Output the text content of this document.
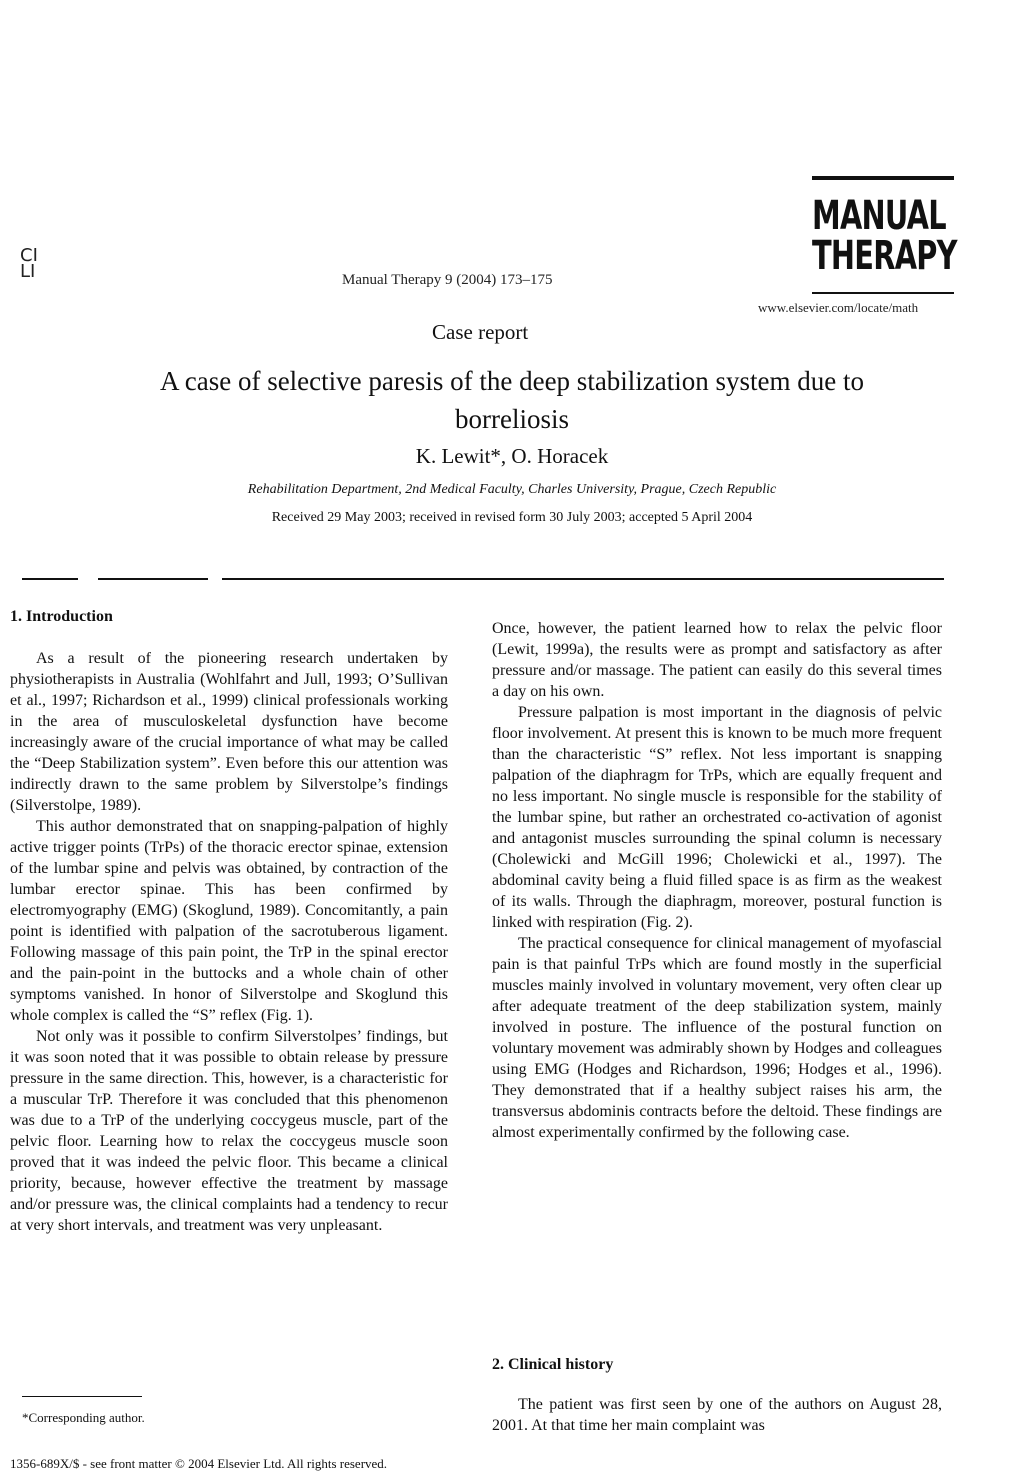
CI
LI	Manual Therapy 9 (2004) 173–175
MANUAL
THERAPY
www.elsevier.com/locate/math
Case report
A case of selective paresis of the deep stabilization system due to borreliosis
K. Lewit*, O. Horacek
Rehabilitation Department, 2nd Medical Faculty, Charles University, Prague, Czech Republic
Received 29 May 2003; received in revised form 30 July 2003; accepted 5 April 2004
1. Introduction

As a result of the pioneering research undertaken by physiotherapists in Australia (Wohlfahrt and Jull, 1993; O’Sullivan et al., 1997; Richardson et al., 1999) clinical professionals working in the area of musculoskeletal dysfunction have become increasingly aware of the crucial importance of what may be called the “Deep Stabilization system”. Even before this our attention was indirectly drawn to the same problem by Silverstolpe’s findings (Silverstolpe, 1989).

This author demonstrated that on snapping-palpation of highly active trigger points (TrPs) of the thoracic erector spinae, extension of the lumbar spine and pelvis was obtained, by contraction of the lumbar erector spinae. This has been confirmed by electromyography (EMG) (Skoglund, 1989). Concomitantly, a pain point is identified with palpation of the sacrotuberous ligament. Following massage of this pain point, the TrP in the spinal erector and the pain-point in the buttocks and a whole chain of other symptoms vanished. In honor of Silverstolpe and Skoglund this whole complex is called the “S” reflex (Fig. 1).

Not only was it possible to confirm Silverstolpes’ findings, but it was soon noted that it was possible to obtain release by pressure pressure in the same direction. This, however, is a characteristic for a muscular TrP. Therefore it was concluded that this phenomenon was due to a TrP of the underlying coccygeus muscle, part of the pelvic floor. Learning how to relax the coccygeus muscle soon proved that it was indeed the pelvic floor. This became a clinical priority, because, however effective the treatment by massage and/or pressure was, the clinical complaints had a tendency to recur at very short intervals, and treatment was very unpleasant.

Once, however, the patient learned how to relax the pelvic floor (Lewit, 1999a), the results were as prompt and satisfactory as after pressure and/or massage. The patient can easily do this several times a day on his own.

Pressure palpation is most important in the diagnosis of pelvic floor involvement. At present this is known to be much more frequent than the characteristic “S” reflex. Not less important is snapping palpation of the diaphragm for TrPs, which are equally frequent and no less important. No single muscle is responsible for the stability of the lumbar spine, but rather an orchestrated co-activation of agonist and antagonist muscles surrounding the spinal column is necessary (Cholewicki and McGill 1996; Cholewicki et al., 1997). The abdominal cavity being a fluid filled space is as firm as the weakest of its walls. Through the diaphragm, moreover, postural function is linked with respiration (Fig. 2).

The practical consequence for clinical management of myofascial pain is that painful TrPs which are found mostly in the superficial muscles mainly involved in voluntary movement, very often clear up after adequate treatment of the deep stabilization system, mainly involved in posture. The influence of the postural function on voluntary movement was admirably shown by Hodges and colleagues using EMG (Hodges and Richardson, 1996; Hodges et al., 1996). They demonstrated that if a healthy subject raises his arm, the transversus abdominis contracts before the deltoid. These findings are almost experimentally confirmed by the following case.

2. Clinical history

The patient was first seen by one of the authors on August 28, 2001. At that time her main complaint was

*Corresponding author.
1356-689X/$ - see front matter © 2004 Elsevier Ltd. All rights reserved.
